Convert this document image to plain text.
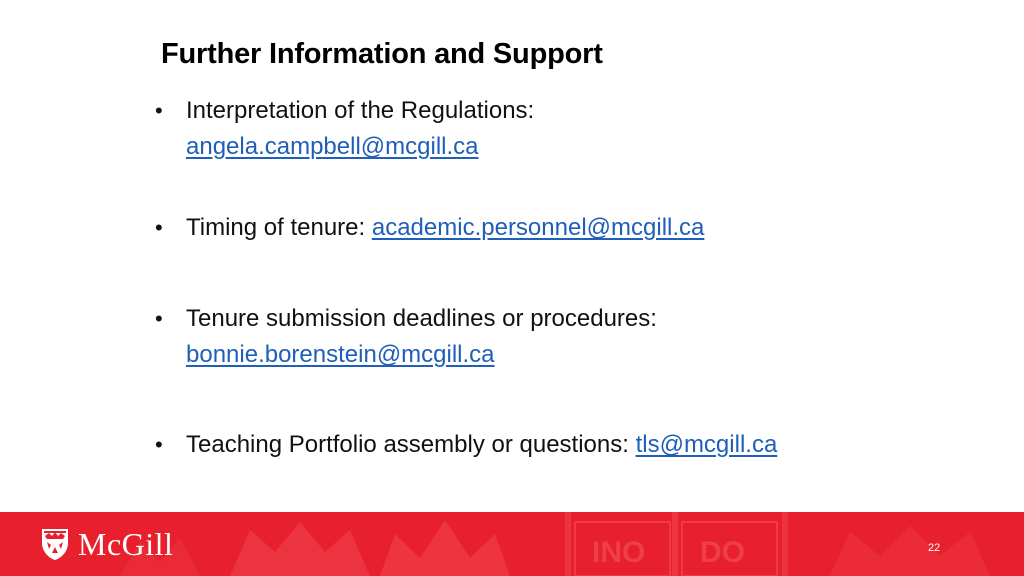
Further Information and Support
• Interpretation of the Regulations:
angela.campbell@mcgill.ca
• Timing of tenure: academic.personnel@mcgill.ca
• Tenure submission deadlines or procedures:
bonnie.borenstein@mcgill.ca
• Teaching Portfolio assembly or questions: tls@mcgill.ca
INO DO
McGill	22
